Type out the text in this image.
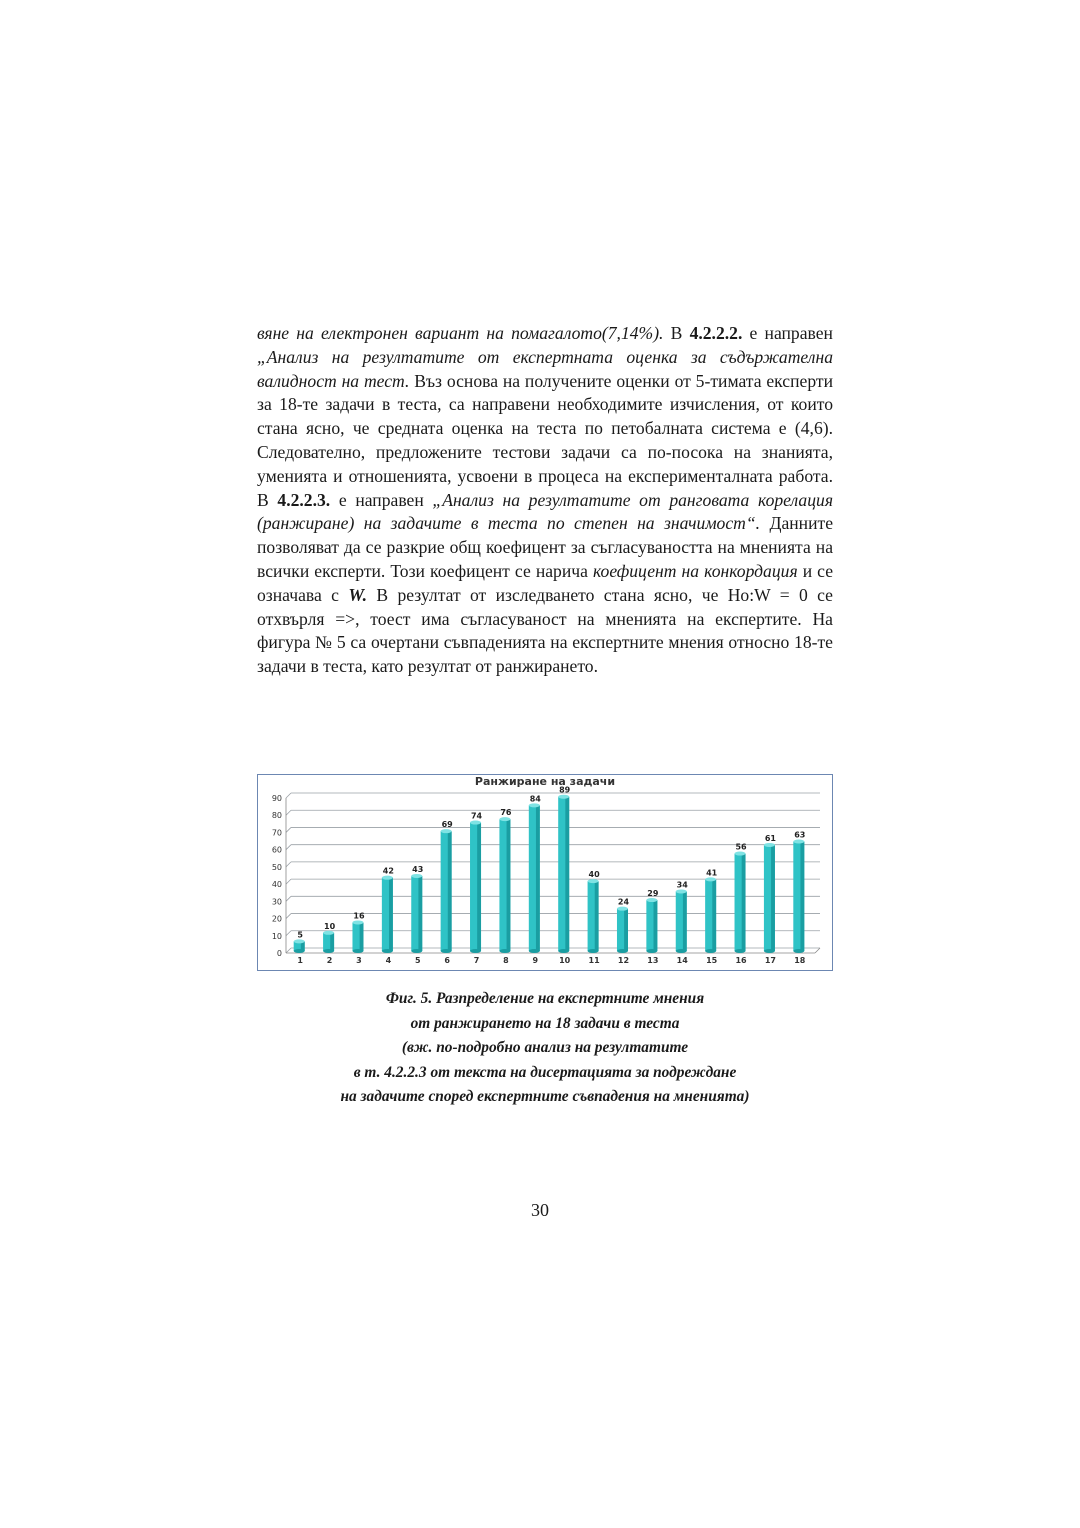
вяне на електронен вариант на помагалото(7,14%). В 4.2.2.2. е направен „Анализ на резултатите от експертната оценка за съдържателна валидност на тест. Въз основа на получените оценки от 5-тимата експерти за 18-те задачи в теста, са направени необходимите изчисления, от които стана ясно, че средната оценка на теста по петобалната система е (4,6). Следователно, предложените тестови задачи са по-посока на знанията, уменията и отношенията, усвоени в процеса на експерименталната работа. В 4.2.2.3. е направен „Анализ на резултатите от ранговата корелация (ранжиране) на задачите в теста по степен на значимост“. Данните позволяват да се разкрие общ коефицент за съгласуваността на мненията на всички експерти. Този коефицент се нарича коефицент на конкордация и се означава с W. В резултат от изследването стана ясно, че Ho:W = 0 се отхвърля =>, тоест има съгласуваност на мненията на експертите. На фигура № 5 са очертани съвпаденията на експертните мнения относно 18-те задачи в теста, като резултат от ранжирането.

Ранжиране на задачи
0
10
20
30
40
50
60
70
80
90
5
1
10
2
16
3
42
4
43
5
69
6
74
7
76
8
84
9
89
10
40
11
24
12
29
13
34
14
41
15
56
16
61
17
63
18
Фиг. 5. Разпределение на експертните мнения
от ранжирането на 18 задачи в теста
(вж. по-подробно анализ на резултатите
в т. 4.2.2.3 от текста на дисертацията за подреждане
на задачите според експертните съвпадения на мненията)
30
